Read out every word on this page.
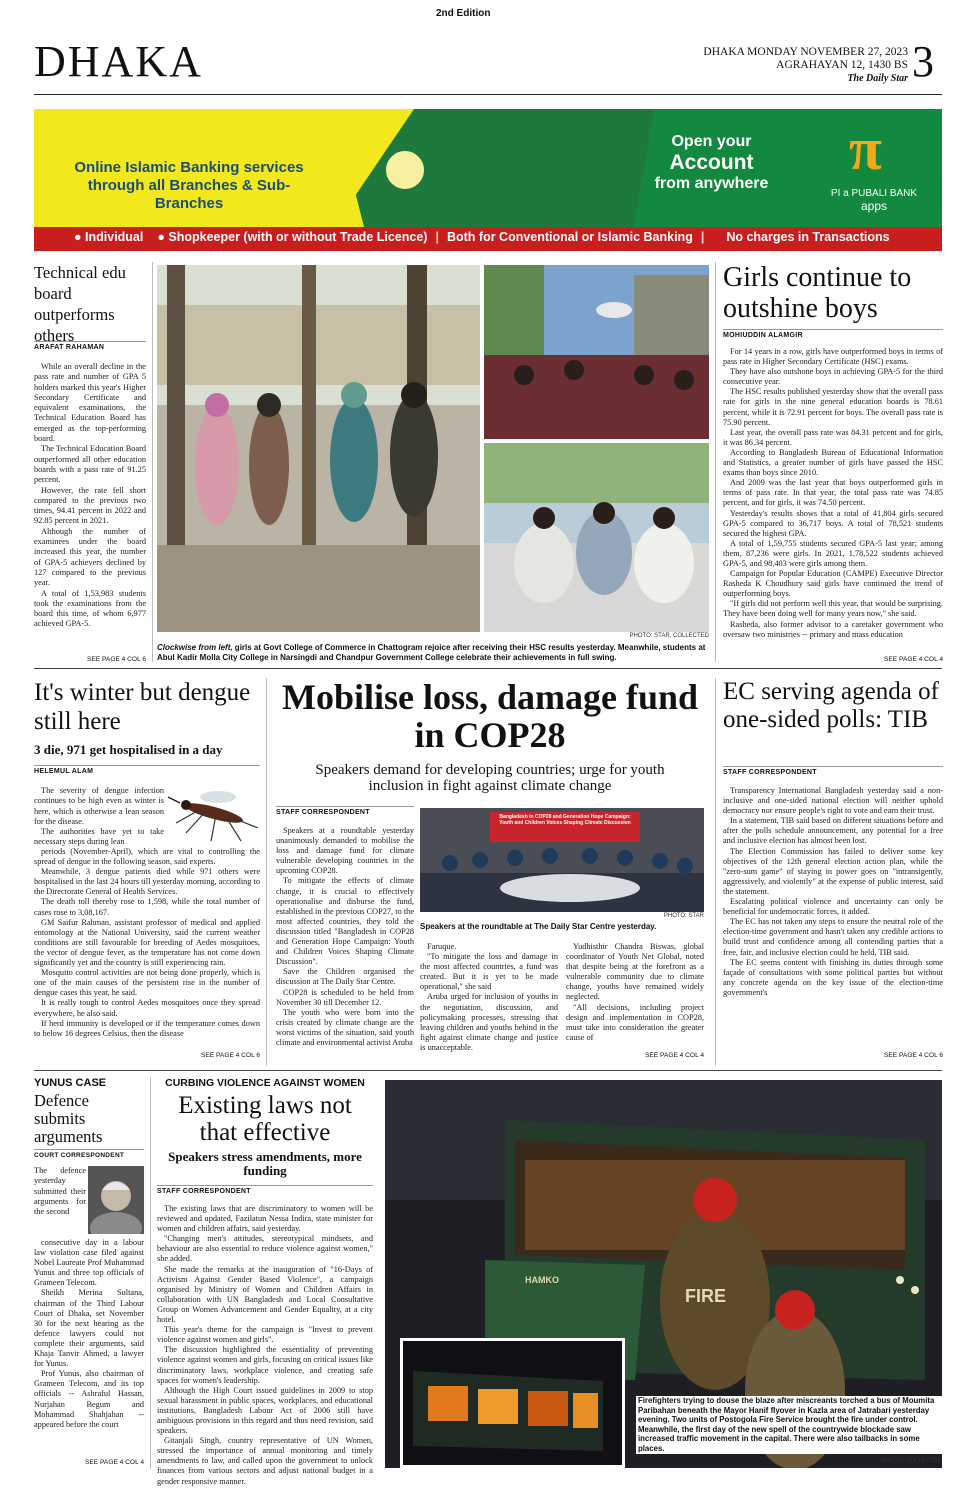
2nd Edition
DHAKA	DHAKA MONDAY NOVEMBER 27, 2023
AGRAHAYAN 12, 1430 BS
The Daily Star 3
Online Islamic Banking services
through all Branches & Sub-Branches
পূবালী ব্যাংক পিএলসি
PUBALI BANK PLC
Open your
Account
from anywhere
π
PI a PUBALI BANK
apps
● Individual ● Shopkeeper (with or without Trade Licence) | Both for Conventional or Islamic Banking | No charges in Transactions
Technical edu board outperforms others
ARAFAT RAHAMAN

While an overall decline in the pass rate and number of GPA 5 holders marked this year's Higher Secondary Certificate and equivalent examinations, the Technical Education Board has emerged as the top-performing board.

The Technical Education Board outperformed all other education boards with a pass rate of 91.25 percent.

However, the rate fell short compared to the previous two times, 94.41 percent in 2022 and 92.85 percent in 2021.

Although the number of examinees under the board increased this year, the number of GPA-5 achievers declined by 127 compared to the previous year.

A total of 1,53,983 students took the examinations from the board this time, of whom 6,977 achieved GPA-5.

SEE PAGE 4 COL 6
PHOTO: STAR, COLLECTED
Clockwise from left, girls at Govt College of Commerce in Chattogram rejoice after receiving their HSC results yesterday. Meanwhile, students at Abul Kadir Molla City College in Narsingdi and Chandpur Government College celebrate their achievements in full swing.
Girls continue to outshine boys
MOHIUDDIN ALAMGIR

For 14 years in a row, girls have outperformed boys in terms of pass rate in Higher Secondary Certificate (HSC) exams.

They have also outshone boys in achieving GPA-5 for the third consecutive year.

The HSC results published yesterday show that the overall pass rate for girls in the nine general education boards is 78.61 percent, while it is 72.91 percent for boys. The overall pass rate is 75.90 percent.

Last year, the overall pass rate was 84.31 percent and for girls, it was 86.34 percent.

According to Bangladesh Bureau of Educational Information and Statistics, a greater number of girls have passed the HSC exams than boys since 2010.

And 2009 was the last year that boys outperformed girls in terms of pass rate. In that year, the total pass rate was 74.85 percent, and for girls, it was 74.50 percent.

Yesterday's results shows that a total of 41,804 girls secured GPA-5 compared to 36,717 boys. A total of 78,521 students secured the highest GPA.

A total of 1,59,755 students secured GPA-5 last year; among them, 87,236 were girls. In 2021, 1,78,522 students achieved GPA-5, and 98,403 were girls among them.

Campaign for Popular Education (CAMPE) Executive Director Rasheda K Choudhury said girls have continued the trend of outperforming boys.

"If girls did not perform well this year, that would be surprising. They have been doing well for many years now," she said.

Rasheda, also former advisor to a caretaker government who oversaw two ministries -- primary and mass education

SEE PAGE 4 COL 4
It's winter but dengue still here
3 die, 971 get hospitalised in a day
HELEMUL ALAM

The severity of dengue infection continues to be high even as winter is here, which is otherwise a lean season for the disease.

The authorities have yet to take necessary steps during lean

periods (November-April), which are vital to controlling the spread of dengue in the following season, said experts.

Meanwhile, 3 dengue patients died while 971 others were hospitalised in the last 24 hours till yesterday morning, according to the Directorate General of Health Services.

The death toll thereby rose to 1,598, while the total number of cases rose to 3,08,167.

GM Saifur Rahman, assistant professor of medical and applied entomology at the National University, said the current weather conditions are still favourable for breeding of Aedes mosquitoes, the vector of dengue fever, as the temperature has not come down significantly yet and the country is still experiencing rain.

Mosquito control activities are not being done properly, which is one of the main causes of the persistent rise in the number of dengue cases this year, he said.

It is really tough to control Aedes mosquitoes once they spread everywhere, he also said.

If herd immunity is developed or if the temperature comes down to below 16 degrees Celsius, then the disease

SEE PAGE 4 COL 6
Mobilise loss, damage fund in COP28
Speakers demand for developing countries; urge for youth inclusion in fight against climate change
STAFF CORRESPONDENT

Speakers at a roundtable yesterday unanimously demanded to mobilise the loss and damage fund for climate vulnerable developing countries in the upcoming COP28.

To mitigate the effects of climate change, it is crucial to effectively operationalise and disburse the fund, established in the previous COP27, to the most affected countries, they told the discussion titled "Bangladesh in COP28 and Generation Hope Campaign: Youth and Children Voices Shaping Climate Discussion".

Save the Children organised the discussion at The Daily Star Centre.

COP28 is scheduled to be held from November 30 till December 12.

The youth who were born into the crisis created by climate change are the worst victims of the situation, said youth climate and environmental activist Aruba

Bangladesh in COP28 and Generation Hope Campaign: Youth and Children Voices Shaping Climate Discussion
PHOTO: STAR
Speakers at the roundtable at The Daily Star Centre yesterday.

Faruque.

"To mitigate the loss and damage in the most affected countries, a fund was created. But it is yet to be made operational," she said

Aruba urged for inclusion of youths in the negotiation, discussion, and policymaking processes, stressing that leaving children and youths behind in the fight against climate change and justice is unacceptable.

Yudhisthir Chandra Biswas, global coordinator of Youth Net Global, noted that despite being at the forefront as a vulnerable community due to climate change, youths have remained widely neglected.

"All decisions, including project design and implementation in COP28, must take into consideration the greater cause of

SEE PAGE 4 COL 4
EC serving agenda of one-sided polls: TIB
STAFF CORRESPONDENT

Transparency International Bangladesh yesterday said a non-inclusive and one-sided national election will neither uphold democracy nor ensure people's right to vote and earn their trust.

In a statement, TIB said based on different situations before and after the polls schedule announcement, any potential for a free and inclusive election has almost been lost.

The Election Commission has failed to deliver some key objectives of the 12th general election action plan, while the "zero-sum game" of staying in power goes on "intransigently, aggressively, and violently" at the expense of public interest, said the statement.

Escalating political violence and uncertainty can only be beneficial for undemocratic forces, it added.

The EC has not taken any steps to ensure the neutral role of the election-time government and hasn't taken any credible actions to build trust and confidence among all contending parties that a free, fair, and inclusive election could be held, TIB said.

The EC seems content with finishing its duties through some façade of consultations with some political parties but without any concrete agenda on the key issue of the election-time government's

SEE PAGE 4 COL 6
YUNUS CASE
Defence submits arguments
COURT CORRESPONDENT
The defence yesterday submitted their arguments for the second

consecutive day in a labour law violation case filed against Nobel Laureate Prof Muhammad Yunus and three top officials of Grameen Telecom.

Sheikh Merina Sultana, chairman of the Third Labour Court of Dhaka, set November 30 for the next hearing as the defence lawyers could not complete their arguments, said Khaja Tanvir Ahmed, a lawyer for Yunus.

Prof Yunus, also chairman of Grameen Telecom, and its top officials -- Ashraful Hassan, Nurjahan Begum and Mohammad Shahjahan -- appeared before the court

SEE PAGE 4 COL 4
CURBING VIOLENCE AGAINST WOMEN
Existing laws not that effective
Speakers stress amendments, more funding
STAFF CORRESPONDENT

The existing laws that are discriminatory to women will be reviewed and updated, Fazilatun Nessa Indira, state minister for women and children affairs, said yesterday.

"Changing men's attitudes, stereotypical mindsets, and behaviour are also essential to reduce violence against women," she added.

She made the remarks at the inauguration of "16-Days of Activism Against Gender Based Violence", a campaign organised by Ministry of Women and Children Affairs in collaboration with UN Bangladesh and Local Consultative Group on Women Advancement and Gender Equality, at a city hotel.

This year's theme for the campaign is "Invest to prevent violence against women and girls".

The discussion highlighted the essentiality of preventing violence against women and girls, focusing on critical issues like discriminatory laws, workplace violence, and creating safe spaces for women's leadership.

Although the High Court issued guidelines in 2009 to stop sexual harassment in public spaces, workplaces, and educational institutions, Bangladesh Labour Act of 2006 still have ambiguous provisions in this regard and thus need revision, said speakers.

Gitanjali Singh, country representative of UN Women, stressed the importance of annual monitoring and timely amendments to law, and called upon the government to unlock finances from various sectors and adjust national budget in a gender responsive manner.

FIRE
HAMKO
Firefighters trying to douse the blaze after miscreants torched a bus of Moumita Paribahan beneath the Mayor Hanif flyover in Kazla area of Jatrabari yesterday evening. Two units of Postogola Fire Service brought the fire under control. Meanwhile, the first day of the new spell of the countrywide blockade saw increased traffic movement in the capital. There were also tailbacks in some places.
PHOTO: COLLECTED
